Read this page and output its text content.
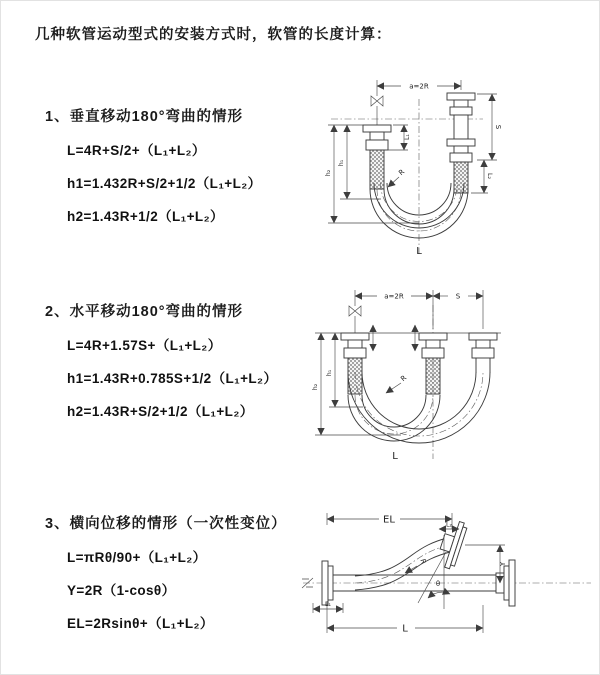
几种软管运动型式的安装方式时，软管的长度计算：
1、垂直移动180°弯曲的情形
L=4R+S/2+（L₁+L₂）
h1=1.432R+S/2+1/2（L₁+L₂）
h2=1.43R+1/2（L₁+L₂）
2、水平移动180°弯曲的情形
L=4R+1.57S+（L₁+L₂）
h1=1.43R+0.785S+1/2（L₁+L₂）
h2=1.43R+S/2+1/2（L₁+L₂）
3、横向位移的情形（一次性变位）
L=πRθ/90+（L₁+L₂）
Y=2R（1-cosθ）
EL=2Rsinθ+（L₁+L₂）
a=2R
S
L₂
L₁
h₁
h₂	R
L
a=2R	S
h₁
h₂
R
L
θ
R
EL	L₂
Y
L₁
L
